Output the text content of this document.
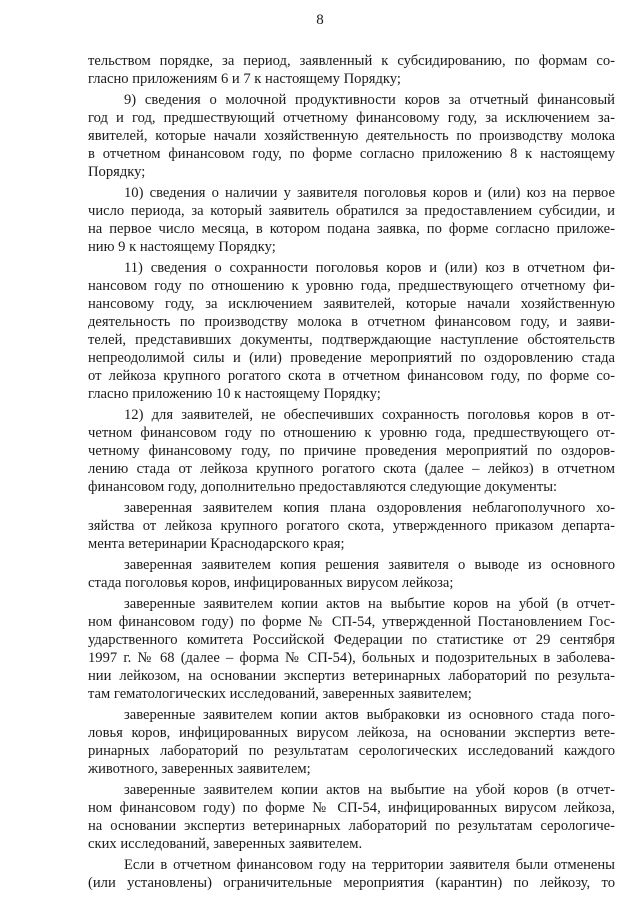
8
тельством порядке, за период, заявленный к субсидированию, по формам со-
гласно приложениям 6 и 7 к настоящему Порядку;
9) сведения о молочной продуктивности коров за отчетный финансовый
год и год, предшествующий отчетному финансовому году, за исключением за-
явителей, которые начали хозяйственную деятельность по производству молока
в отчетном финансовом году, по форме согласно приложению 8 к настоящему
Порядку;
10) сведения о наличии у заявителя поголовья коров и (или) коз на первое
число периода, за который заявитель обратился за предоставлением субсидии, и
на первое число месяца, в котором подана заявка, по форме согласно приложе-
нию 9 к настоящему Порядку;
11) сведения о сохранности поголовья коров и (или) коз в отчетном фи-
нансовом году по отношению к уровню года, предшествующего отчетному фи-
нансовому году, за исключением заявителей, которые начали хозяйственную
деятельность по производству молока в отчетном финансовом году, и заяви-
телей, представивших документы, подтверждающие наступление обстоятельств
непреодолимой силы и (или) проведение мероприятий по оздоровлению стада
от лейкоза крупного рогатого скота в отчетном финансовом году, по форме со-
гласно приложению 10 к настоящему Порядку;
12) для заявителей, не обеспечивших сохранность поголовья коров в от-
четном финансовом году по отношению к уровню года, предшествующего от-
четному финансовому году, по причине проведения мероприятий по оздоров-
лению стада от лейкоза крупного рогатого скота (далее – лейкоз) в отчетном
финансовом году, дополнительно предоставляются следующие документы:
заверенная заявителем копия плана оздоровления неблагополучного хо-
зяйства от лейкоза крупного рогатого скота, утвержденного приказом департа-
мента ветеринарии Краснодарского края;
заверенная заявителем копия решения заявителя о выводе из основного
стада поголовья коров, инфицированных вирусом лейкоза;
заверенные заявителем копии актов на выбытие коров на убой (в отчет-
ном финансовом году) по форме № СП-54, утвержденной Постановлением Гос-
ударственного комитета Российской Федерации по статистике от 29 сентября
1997 г. № 68 (далее – форма № СП-54), больных и подозрительных в заболева-
нии лейкозом, на основании экспертиз ветеринарных лабораторий по результа-
там гематологических исследований, заверенных заявителем;
заверенные заявителем копии актов выбраковки из основного стада пого-
ловья коров, инфицированных вирусом лейкоза, на основании экспертиз вете-
ринарных лабораторий по результатам серологических исследований каждого
животного, заверенных заявителем;
заверенные заявителем копии актов на выбытие на убой коров (в отчет-
ном финансовом году) по форме № СП-54, инфицированных вирусом лейкоза,
на основании экспертиз ветеринарных лабораторий по результатам серологиче-
ских исследований, заверенных заявителем.
Если в отчетном финансовом году на территории заявителя были отменены
(или установлены) ограничительные мероприятия (карантин) по лейкозу, то
